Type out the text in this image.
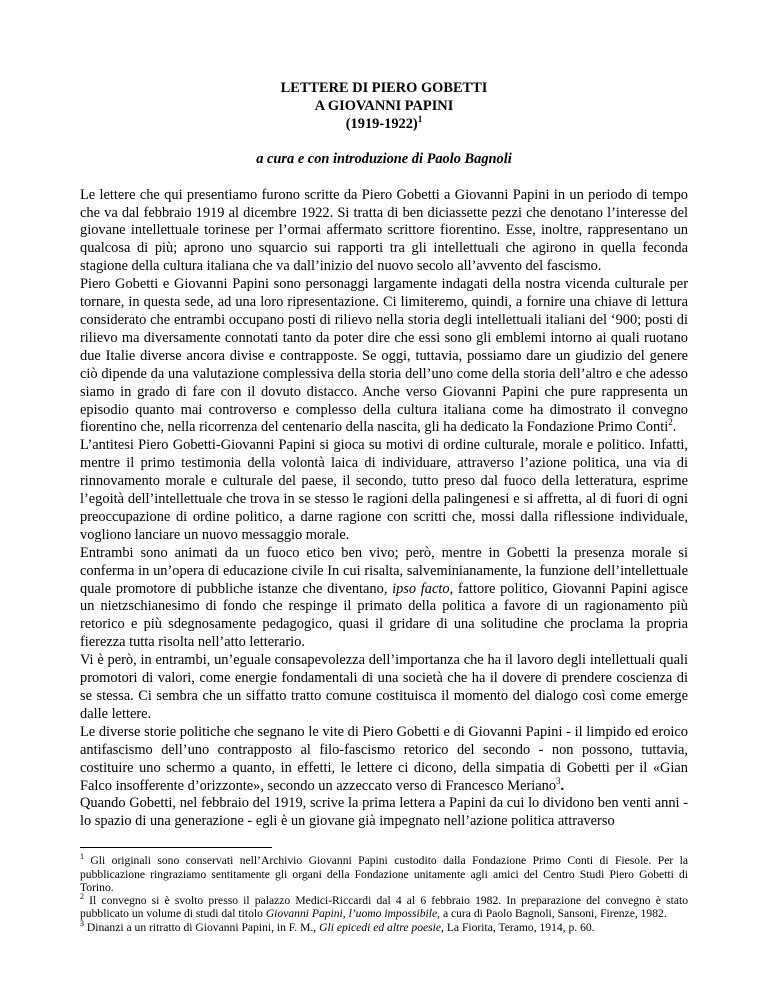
LETTERE DI PIERO GOBETTI
A GIOVANNI PAPINI
(1919-1922)$^1$

a cura e con introduzione di Paolo Bagnoli

Le lettere che qui presentiamo furono scritte da Piero Gobetti a Giovanni Papini in un periodo di tempo che va dal febbraio 1919 al dicembre 1922. Si tratta di ben diciassette pezzi che denotano l’interesse del giovane intellettuale torinese per l’ormai affermato scrittore fiorentino. Esse, inoltre, rappresentano un qualcosa di più; aprono uno squarcio sui rapporti tra gli intellettuali che agirono in quella feconda stagione della cultura italiana che va dall’inizio del nuovo secolo all’avvento del fascismo.

Piero Gobetti e Giovanni Papini sono personaggi largamente indagati della nostra vicenda culturale per tornare, in questa sede, ad una loro ripresentazione. Ci limiteremo, quindi, a fornire una chiave di lettura considerato che entrambi occupano posti di rilievo nella storia degli intellettuali italiani del ‘900; posti di rilievo ma diversamente connotati tanto da poter dire che essi sono gli emblemi intorno ai quali ruotano due Italie diverse ancora divise e contrapposte. Se oggi, tuttavia, possiamo dare un giudizio del genere ciò dipende da una valutazione complessiva della storia dell’uno come della storia dell’altro e che adesso siamo in grado di fare con il dovuto distacco. Anche verso Giovanni Papini che pure rappresenta un episodio quanto mai controverso e complesso della cultura italiana come ha dimostrato il convegno fiorentino che, nella ricorrenza del centenario della nascita, gli ha dedicato la Fondazione Primo Conti$^2$.

L’antitesi Piero Gobetti-Giovanni Papini si gioca su motivi di ordine culturale, morale e politico. Infatti, mentre il primo testimonia della volontà laica di individuare, attraverso l’azione politica, una via di rinnovamento morale e culturale del paese, il secondo, tutto preso dal fuoco della letteratura, esprime l’egoità dell’intellettuale che trova in se stesso le ragioni della palingenesi e si affretta, al di fuori di ogni preoccupazione di ordine politico, a darne ragione con scritti che, mossi dalla riflessione individuale, vogliono lanciare un nuovo messaggio morale.

Entrambi sono animati da un fuoco etico ben vivo; però, mentre in Gobetti la presenza morale si conferma in un’opera di educazione civile In cui risalta, salveminianamente, la funzione dell’intellettuale quale promotore di pubbliche istanze che diventano, ipso facto, fattore politico, Giovanni Papini agisce un nietzschianesimo di fondo che respinge il primato della politica a favore di un ragionamento più retorico e più sdegnosamente pedagogico, quasi il gridare di una solitudine che proclama la propria fierezza tutta risolta nell’atto letterario.

Vi è però, in entrambi, un’eguale consapevolezza dell’importanza che ha il lavoro degli intellettuali quali promotori di valori, come energie fondamentali di una società che ha il dovere di prendere coscienza di se stessa. Ci sembra che un siffatto tratto comune costituisca il momento del dialogo così come emerge dalle lettere.

Le diverse storie politiche che segnano le vite di Piero Gobetti e di Giovanni Papini - il limpido ed eroico antifascismo dell’uno contrapposto al filo-fascismo retorico del secondo - non possono, tuttavia, costituire uno schermo a quanto, in effetti, le lettere ci dicono, della simpatia di Gobetti per il «Gian Falco insofferente d’orizzonte», secondo un azzeccato verso di Francesco Meriano$^3$.

Quando Gobetti, nel febbraio del 1919, scrive la prima lettera a Papini da cui lo dividono ben venti anni - lo spazio di una generazione - egli è un giovane già impegnato nell’azione politica attraverso

$^1$ Gli originali sono conservati nell’Archivio Giovanni Papini custodito dalla Fondazione Primo Conti di Fiesole. Per la pubblicazione ringraziamo sentitamente gli organi della Fondazione unitamente agli amici del Centro Studi Piero Gobetti di Torino.

$^2$ Il convegno si è svolto presso il palazzo Medici-Riccardi dal 4 al 6 febbraio 1982. In preparazione del convegno è stato pubblicato un volume di studi dal titolo Giovanni Papini, l’uomo impossibile, a cura di Paolo Bagnoli, Sansoni, Firenze, 1982.

$^3$ Dinanzi a un ritratto di Giovanni Papini, in F. M., Gli epicedi ed altre poesie, La Fiorita, Teramo, 1914, p. 60.
